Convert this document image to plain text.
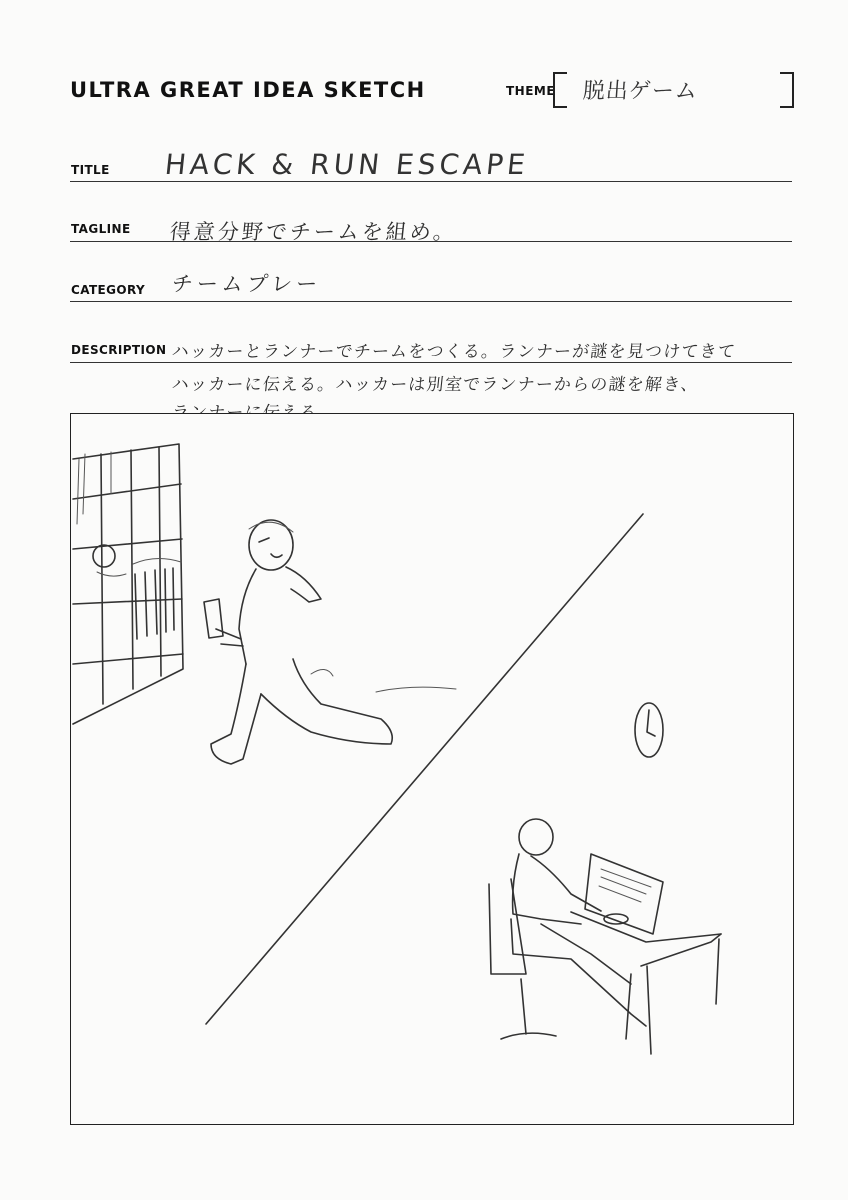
ULTRA GREAT IDEA SKETCH	THEME 脱出ゲーム
TITLE HACK & RUN ESCAPE
TAGLINE 得意分野でチームを組め。
CATEGORY チームプレー
DESCRIPTION ハッカーとランナーでチームをつくる。ランナーが謎を見つけてきて
ハッカーに伝える。ハッカーは別室でランナーからの謎を解き、
